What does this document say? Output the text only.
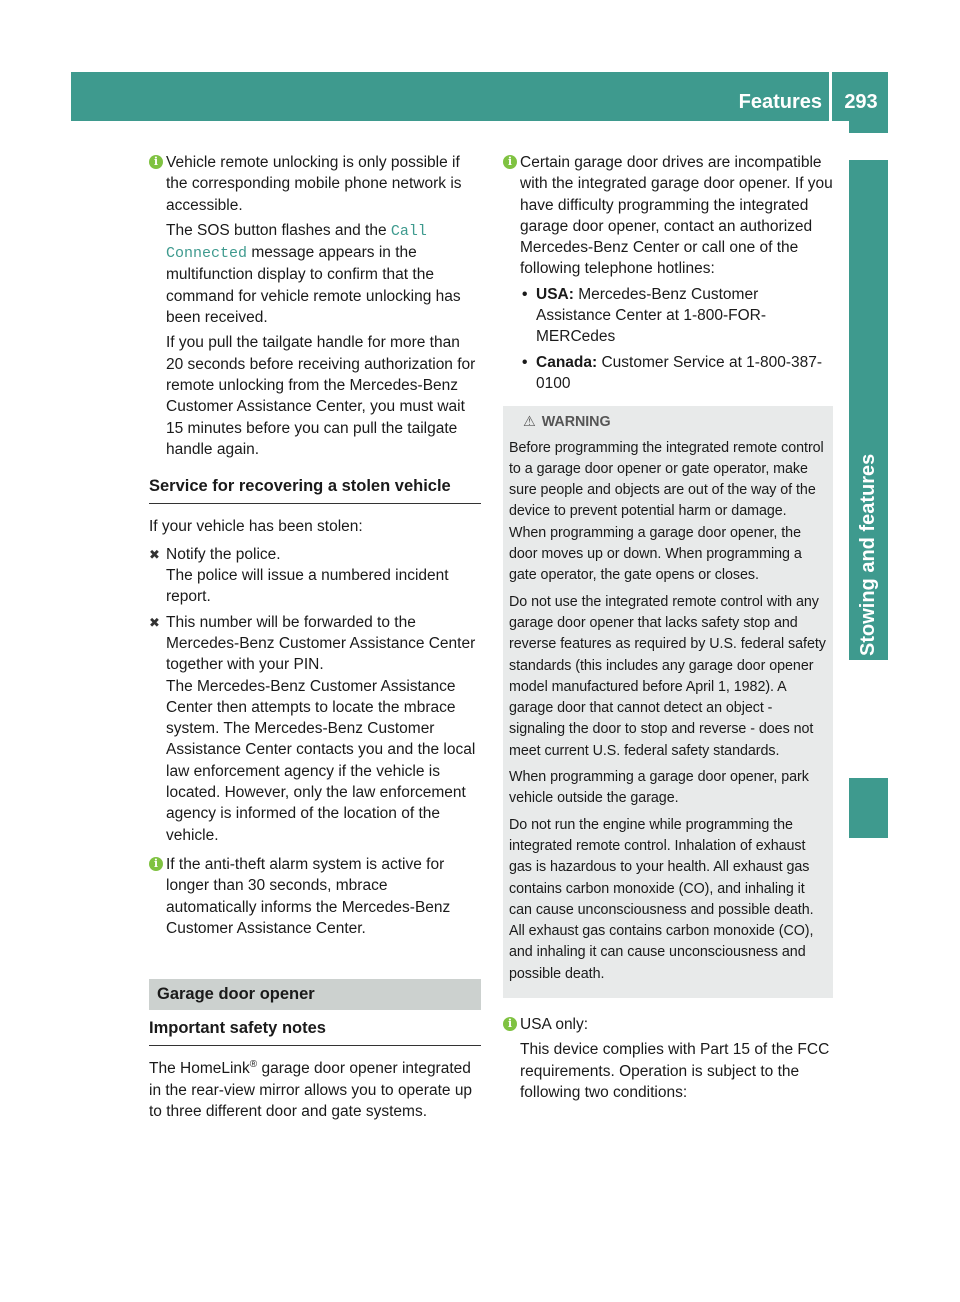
Features	293
Stowing and features
i Vehicle remote unlocking is only possible if the corresponding mobile phone network is accessible.

The SOS button flashes and the Call Connected message appears in the multifunction display to confirm that the command for vehicle remote unlocking has been received.

If you pull the tailgate handle for more than 20 seconds before receiving authorization for remote unlocking from the Mercedes-Benz Customer Assistance Center, you must wait 15 minutes before you can pull the tailgate handle again.

Service for recovering a stolen vehicle

If your vehicle has been stolen:

✖ Notify the police.

The police will issue a numbered incident report.

✖ This number will be forwarded to the Mercedes-Benz Customer Assistance Center together with your PIN.

The Mercedes-Benz Customer Assistance Center then attempts to locate the mbrace system. The Mercedes-Benz Customer Assistance Center contacts you and the local law enforcement agency if the vehicle is located. However, only the law enforcement agency is informed of the location of the vehicle.

i If the anti-theft alarm system is active for longer than 30 seconds, mbrace automatically informs the Mercedes-Benz Customer Assistance Center.

Garage door opener
Important safety notes

The HomeLink® garage door opener integrated in the rear-view mirror allows you to operate up to three different door and gate systems.

i Certain garage door drives are incompatible with the integrated garage door opener. If you have difficulty programming the integrated garage door opener, contact an authorized Mercedes-Benz Center or call one of the following telephone hotlines:

• USA: Mercedes-Benz Customer Assistance Center at 1-800-FOR-MERCedes
• Canada: Customer Service at 1-800-387-0100
⚠ WARNING

Before programming the integrated remote control to a garage door opener or gate operator, make sure people and objects are out of the way of the device to prevent potential harm or damage. When programming a garage door opener, the door moves up or down. When programming a gate operator, the gate opens or closes.

Do not use the integrated remote control with any garage door opener that lacks safety stop and reverse features as required by U.S. federal safety standards (this includes any garage door opener model manufactured before April 1, 1982). A garage door that cannot detect an object - signaling the door to stop and reverse - does not meet current U.S. federal safety standards.

When programming a garage door opener, park vehicle outside the garage.

Do not run the engine while programming the integrated remote control. Inhalation of exhaust gas is hazardous to your health. All exhaust gas contains carbon monoxide (CO), and inhaling it can cause unconsciousness and possible death. All exhaust gas contains carbon monoxide (CO), and inhaling it can cause unconsciousness and possible death.

i USA only:

This device complies with Part 15 of the FCC requirements. Operation is subject to the following two conditions:
